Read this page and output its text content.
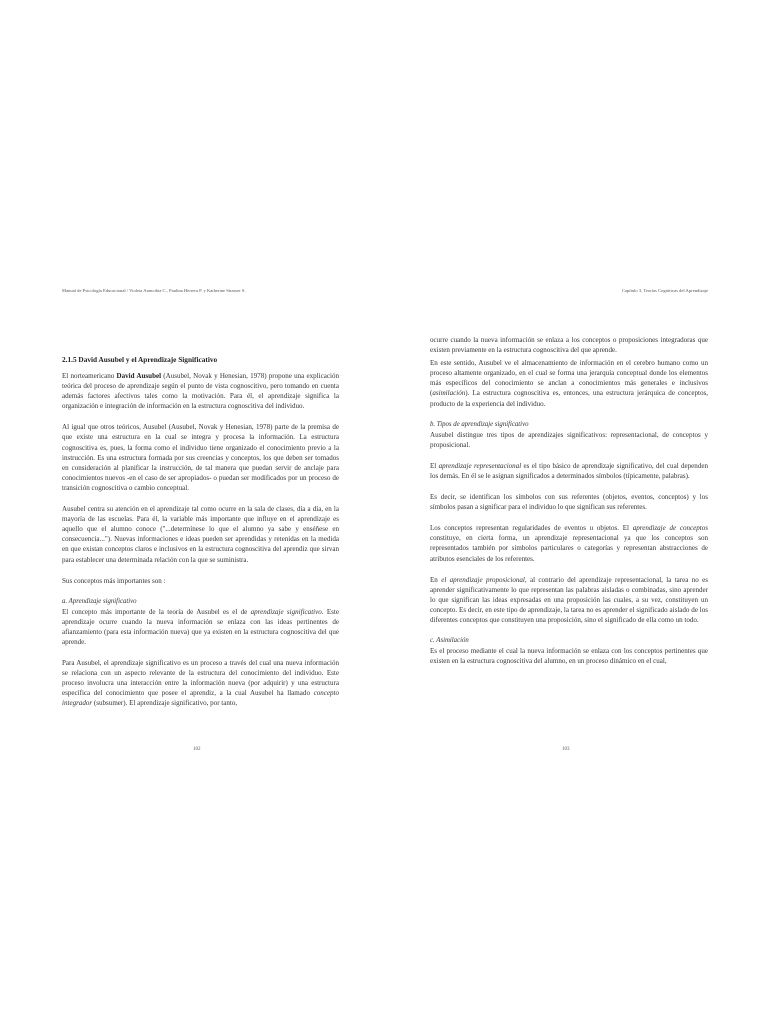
Manual de Psicología Educacional / Violeta Arancibia C., Paulina Herrera P. y Katherine Strasser S.
2.1.5 David Ausubel y el Aprendizaje Significativo

El norteamericano David Ausubel (Ausubel, Novak y Henesian, 1978) propone una explicación teórica del proceso de aprendizaje según el punto de vista cognoscitivo, pero tomando en cuenta además factores afectivos tales como la motivación. Para él, el aprendizaje significa la organización e integración de información en la estructura cognoscitiva del individuo.

Al igual que otros teóricos, Ausubel (Ausubel, Novak y Henesian, 1978) parte de la premisa de que existe una estructura en la cual se integra y procesa la información. La estructura cognoscitiva es, pues, la forma como el individuo tiene organizado el conocimiento previo a la instrucción. Es una estructura formada por sus creencias y conceptos, los que deben ser tomados en consideración al planificar la instrucción, de tal manera que puedan servir de anclaje para conocimientos nuevos -en el caso de ser apropiados- o puedan ser modificados por un proceso de transición cognoscitiva o cambio conceptual.

Ausubel centra su atención en el aprendizaje tal como ocurre en la sala de clases, día a día, en la mayoría de las escuelas. Para él, la variable más importante que influye en el aprendizaje es aquello que el alumno conoce ("...determínese lo que el alumno ya sabe y enséñese en consecuencia..."). Nuevas informaciones e ideas pueden ser aprendidas y retenidas en la medida en que existan conceptos claros e inclusivos en la estructura cognoscitiva del aprendiz que sirvan para establecer una determinada relación con la que se suministra.

Sus conceptos más importantes son :

a. Aprendizaje significativo

El concepto más importante de la teoría de Ausubel es el de aprendizaje significativo. Este aprendizaje ocurre cuando la nueva información se enlaza con las ideas pertinentes de afianzamiento (para esta información nueva) que ya existen en la estructura cognoscitiva del que aprende.

Para Ausubel, el aprendizaje significativo es un proceso a través del cual una nueva información se relaciona con un aspecto relevante de la estructura del conocimiento del individuo. Este proceso involucra una interacción entre la información nueva (por adquirir) y una estructura específica del conocimiento que posee el aprendiz, a la cual Ausubel ha llamado concepto integrador (subsumer). El aprendizaje significativo, por tanto,

102
Capítulo 3, Teorías Cognitivas del Aprendizaje

ocurre cuando la nueva información se enlaza a los conceptos o proposiciones integradoras que existen previamente en la estructura cognoscitiva del que aprende.

En este sentido, Ausubel ve el almacenamiento de información en el cerebro humano como un proceso altamente organizado, en el cual se forma una jerarquía conceptual donde los elementos más específicos del conocimiento se anclan a conocimientos más generales e inclusivos (asimilación). La estructura cognoscitiva es, entonces, una estructura jerárquica de conceptos, producto de la experiencia del individuo.

b. Tipos de aprendizaje significativo

Ausubel distingue tres tipos de aprendizajes significativos: representacional, de conceptos y proposicional.

El aprendizaje representacional es el tipo básico de aprendizaje significativo, del cual dependen los demás. En él se le asignan significados a determinados símbolos (típicamente, palabras).

Es decir, se identifican los símbolos con sus referentes (objetos, eventos, conceptos) y los símbolos pasan a significar para el individuo lo que significan sus referentes.

Los conceptos representan regularidades de eventos u objetos. El aprendizaje de conceptos constituye, en cierta forma, un aprendizaje representacional ya que los conceptos son representados también por símbolos particulares o categorías y representan abstracciones de atributos esenciales de los referentes.

En el aprendizaje proposicional, al contrario del aprendizaje representacional, la tarea no es aprender significativamente lo que representan las palabras aisladas o combinadas, sino aprender lo que significan las ideas expresadas en una proposición las cuales, a su vez, constituyen un concepto. Es decir, en este tipo de aprendizaje, la tarea no es aprender el significado aislado de los diferentes conceptos que constituyen una proposición, sino el significado de ella como un todo.

c. Asimilación

Es el proceso mediante el cual la nueva información se enlaza con los conceptos pertinentes que existen en la estructura cognoscitiva del alumno, en un proceso dinámico en el cual,

103
